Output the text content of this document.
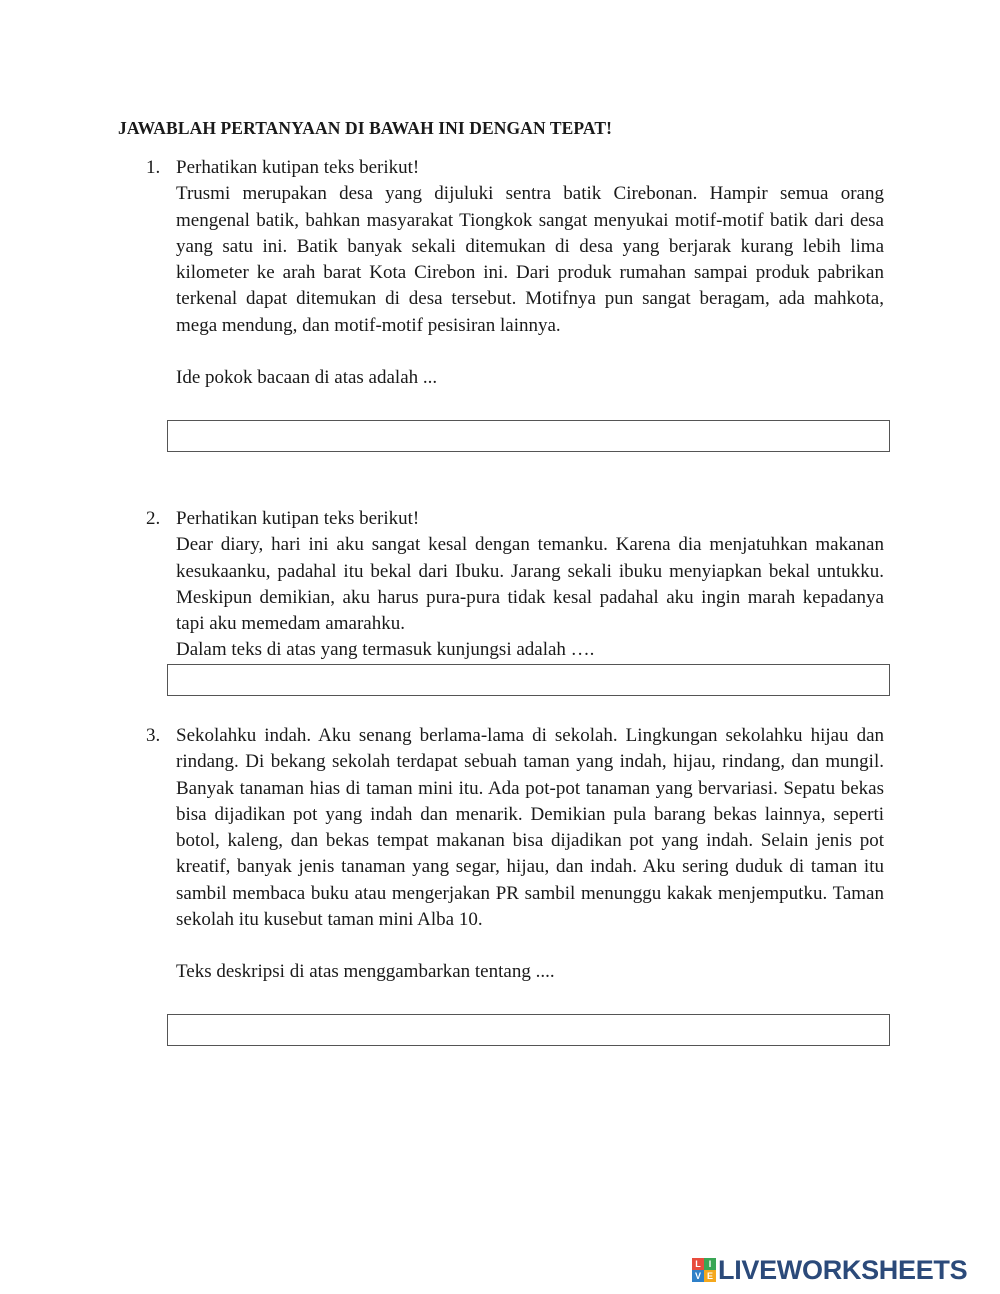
JAWABLAH PERTANYAAN DI BAWAH INI DENGAN TEPAT!
1. Perhatikan kutipan teks berikut!
Trusmi merupakan desa yang dijuluki sentra batik Cirebonan. Hampir semua orang mengenal batik, bahkan masyarakat Tiongkok sangat menyukai motif-motif batik dari desa yang satu ini. Batik banyak sekali ditemukan di desa yang berjarak kurang lebih lima kilometer ke arah barat Kota Cirebon ini. Dari produk rumahan sampai produk pabrikan terkenal dapat ditemukan di desa tersebut. Motifnya pun sangat beragam, ada mahkota, mega mendung, dan motif-motif pesisiran lainnya.
Ide pokok bacaan di atas adalah ...
2. Perhatikan kutipan teks berikut!
Dear diary, hari ini aku sangat kesal dengan temanku. Karena dia menjatuhkan makanan kesukaanku, padahal itu bekal dari Ibuku. Jarang sekali ibuku menyiapkan bekal untukku. Meskipun demikian, aku harus pura-pura tidak kesal padahal aku ingin marah kepadanya tapi aku memedam amarahku.
Dalam teks di atas yang termasuk kunjungsi adalah ….
3. Sekolahku indah. Aku senang berlama-lama di sekolah. Lingkungan sekolahku hijau dan rindang. Di bekang sekolah terdapat sebuah taman yang indah, hijau, rindang, dan mungil. Banyak tanaman hias di taman mini itu. Ada pot-pot tanaman yang bervariasi. Sepatu bekas bisa dijadikan pot yang indah dan menarik. Demikian pula barang bekas lainnya, seperti botol, kaleng, dan bekas tempat makanan bisa dijadikan pot yang indah. Selain jenis pot kreatif, banyak jenis tanaman yang segar, hijau, dan indah. Aku sering duduk di taman itu sambil membaca buku atau mengerjakan PR sambil menunggu kakak menjemputku. Taman sekolah itu kusebut taman mini Alba 10.
Teks deskripsi di atas menggambarkan tentang ....
L I
V E LIVEWORKSHEETS
